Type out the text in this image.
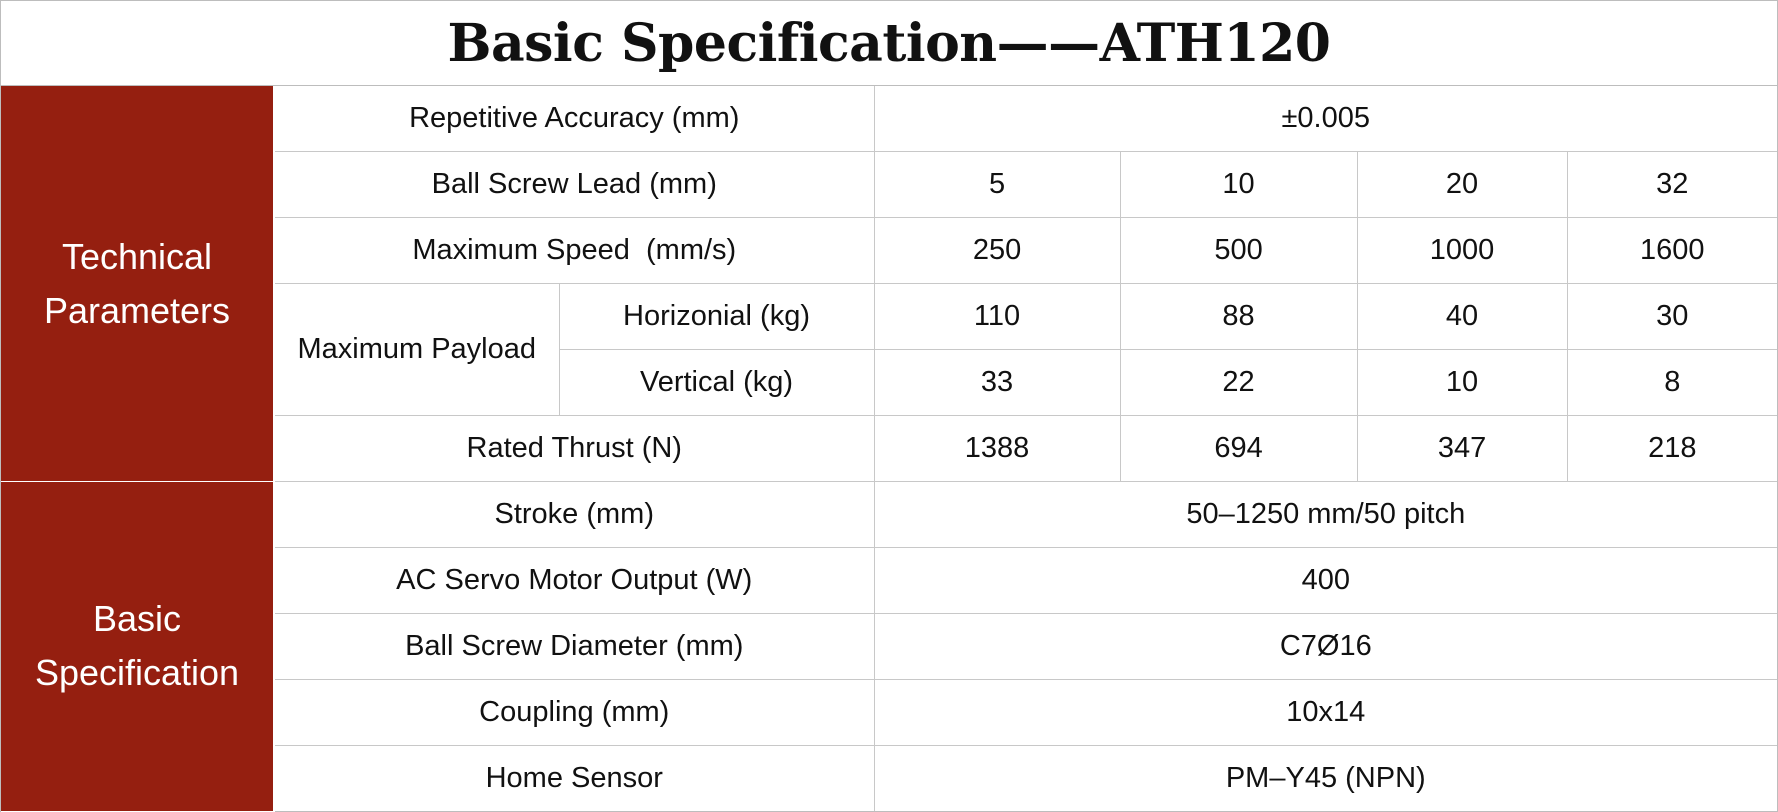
Basic Specification——ATH120
Technical
Parameters	Repetitive Accuracy (mm)		±0.005			
	Ball Screw Lead (mm)		5	10	20	32
	Maximum Speed  (mm/s)		250	500	1000	1600
	Maximum Payload	Horizonial (kg)	110	88	40	30
		Vertical (kg)	33	22	10	8
	Rated Thrust (N)		1388	694	347	218

Basic
Specification	Stroke (mm)		50–1250 mm/50 pitch			
	AC Servo Motor Output (W)		400			
	Ball Screw Diameter (mm)		C7Ø16			
	Coupling (mm)		10x14			
	Home Sensor		PM–Y45 (NPN)			
